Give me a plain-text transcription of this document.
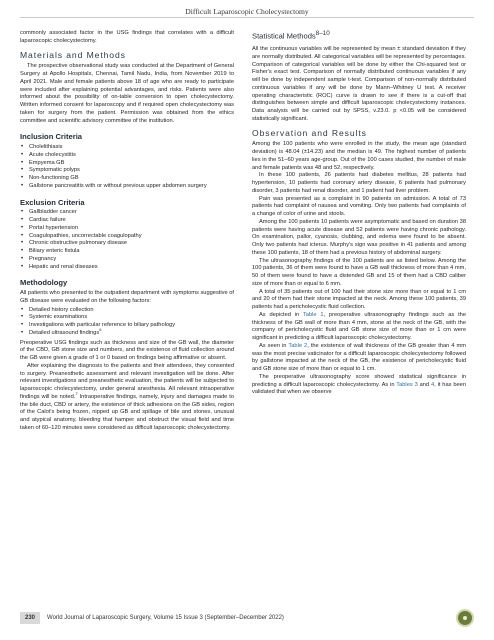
Difficult Laparoscopic Cholecystectomy

commonly associated factor in the USG findings that correlates with a difficult laparoscopic cholecystectomy.

Materials and Methods

The prospective observational study was conducted at the Department of General Surgery at Apollo Hospitals, Chennai, Tamil Nadu, India, from November 2019 to April 2021. Male and female patients above 18 of age who are ready to participate were included after explaining potential advantages, and risks. Patients were also informed about the possibility of on-table conversion to open cholecystectomy. Written informed consent for laparoscopy and if required open cholecystectomy was taken for surgery from the patient. Permission was obtained from the ethics committee and scientific advisory committee of the institution.

Inclusion Criteria
• Cholelithiasis
• Acute cholecystitis
• Empyema GB
• Symptomatic polyps
• Non-functioning GB
• Gallstone pancreatitis with or without previous upper abdomen surgery
Exclusion Criteria
• Gallbladder cancer
• Cardiac failure
• Portal hypertension
• Coagulopathies, uncorrectable coagulopathy
• Chronic obstructive pulmonary disease
• Biliary enteric fistula
• Pregnancy
• Hepatic and renal diseases
Methodology

All patients who presented to the outpatient department with symptoms suggestive of GB disease were evaluated on the following factors:

• Detailed history collection
• Systemic examinations
• Investigations with particular reference to biliary pathology
• Detailed ultrasound findings$^6$

Preoperative USG findings such as thickness and size of the GB wall, the diameter of the CBD, GB stone size and numbers, and the existence of fluid collection around the GB were given a grade of 1 or 0 based on findings being affirmative or absent.

After explaining the diagnosis to the patients and their attendees, they consented to surgery. Preanesthetic assessment and relevant investigation will be done. After relevant investigations and preanesthetic evaluation, the patients will be subjected to laparoscopic cholecystectomy, under general anesthesia. All relevant intraoperative findings will be noted.$^7$ Intraoperative findings, namely, injury and damages made to the bile duct, CBD or artery, the existence of thick adhesions on the GB sides, region of the Calot's being frozen, nipped up GB and spillage of bile and stones, unusual and atypical anatomy, bleeding that hamper and obstruct the visual field and time taken of 60–120 minutes were considered as difficult laparoscopic cholecystectomy.

Statistical Methods$^{8-10}$

All the continuous variables will be represented by mean ± standard deviation if they are normally distributed. All categorical variables will be represented by percentages. Comparison of categorical variables will be done by either the Chi-squared test or Fisher's exact test. Comparison of normally distributed continuous variables if any will be done by independent sample t-test. Comparison of non-normally distributed continuous variables if any will be done by Mann–Whitney U test. A receiver operating characteristic (ROC) curve is drawn to see if there is a cut-off that distinguishes between simple and difficult laparoscopic cholecystectomy instances. Data analysis will be carried out by SPSS, v.23.0. p <0.05 will be considered statistically significant.

Observation and Results

Among the 100 patients who were enrolled in the study, the mean age (standard deviation) is 48.04 (±14.23) and the median is 49. The highest number of patients lies in the 51–60 years age-group. Out of the 100 cases studied, the number of male and female patients was 48 and 52, respectively.

In these 100 patients, 26 patients had diabetes mellitus, 28 patients had hypertension, 10 patients had coronary artery disease, 6 patients had pulmonary disorder, 3 patients had renal disorder, and 1 patient had liver problem.

Pain was presented as a complaint in 90 patients on admission. A total of 73 patients had complaint of nausea and vomiting. Only two patients had complaints of a change of color of urine and stools.

Among the 100 patients 10 patients were asymptomatic and based on duration 38 patients were having acute disease and 52 patients were having chronic pathology. On examination, pallor, cyanosis, clubbing, and edema were found to be absent. Only two patients had icterus. Murphy's sign was positive in 41 patients and among these 100 patients, 18 of them had a previous history of abdominal surgery.

The ultrasonography findings of the 100 patients are as listed below. Among the 100 patients, 36 of them were found to have a GB wall thickness of more than 4 mm, 50 of them were found to have a distended GB and 15 of them had a CBD caliber size of more than or equal to 6 mm.

A total of 35 patients out of 100 had their stone size more than or equal to 1 cm and 20 of them had their stone impacted at the neck. Among these 100 patients, 39 patients had a pericholecystic fluid collection.

As depicted in Table 1, preoperative ultrasonography findings such as the thickness of the GB wall of more than 4 mm, stone at the neck of the GB, with the company of pericholecystic fluid and GB stone size of more than or 1 cm were significant in predicting a difficult laparoscopic cholecystectomy.

As seen in Table 2, the existence of wall thickness of the GB greater than 4 mm was the most precise vaticinator for a difficult laparoscopic cholecystectomy followed by gallstone impacted at the neck of the GB, the existence of pericholecystic fluid and GB stone size of more than or equal to 1 cm.

The preoperative ultrasonography score showed statistical significance in predicting a difficult laparoscopic cholecystectomy. As in Tables 3 and 4, it has been validated that when we observe

230	World Journal of Laparoscopic Surgery, Volume 15 Issue 3 (September–December 2022)
